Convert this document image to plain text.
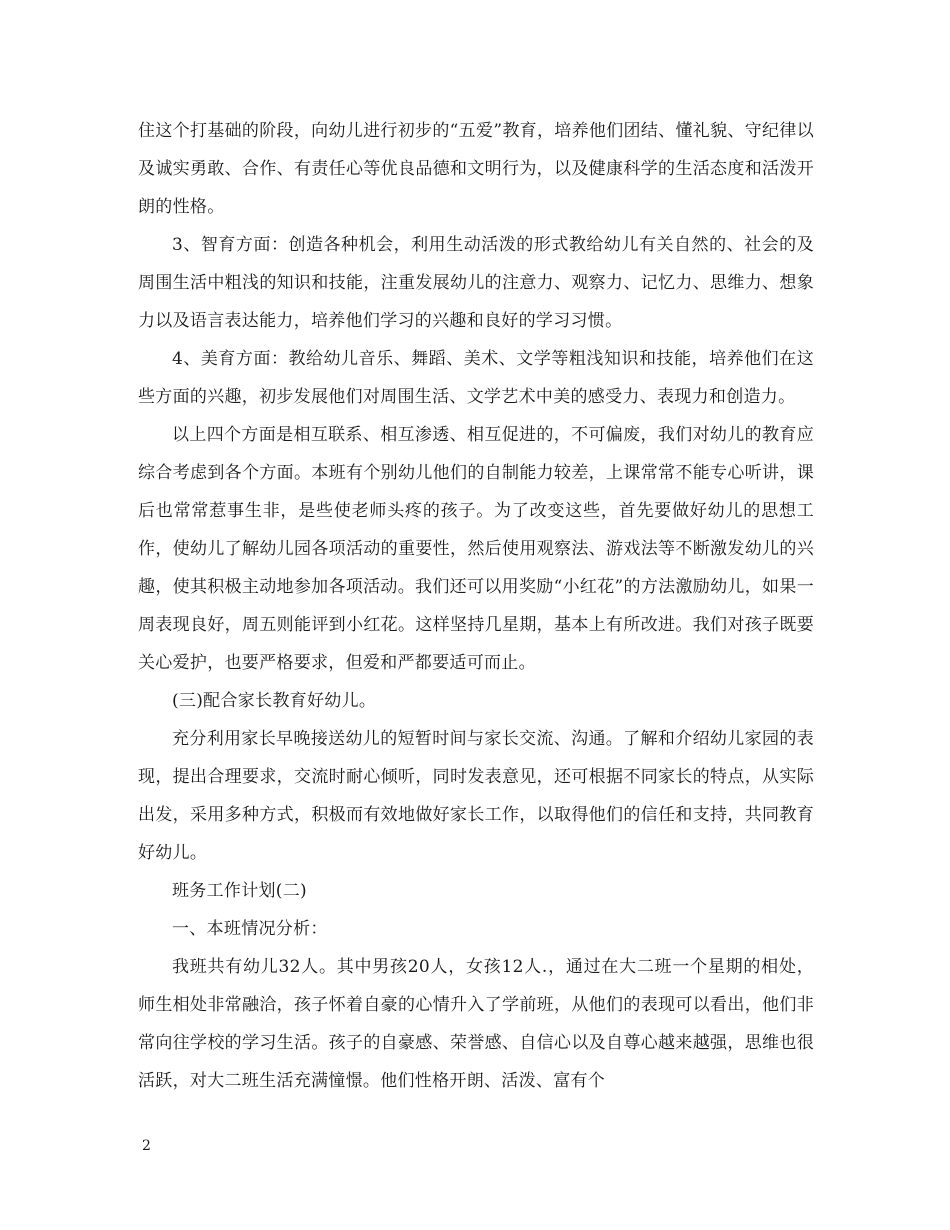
住这个打基础的阶段，向幼儿进行初步的“五爱”教育，培养他们团结、懂礼貌、守纪律以及诚实勇敢、合作、有责任心等优良品德和文明行为，以及健康科学的生活态度和活泼开朗的性格。

3、智育方面：创造各种机会，利用生动活泼的形式教给幼儿有关自然的、社会的及周围生活中粗浅的知识和技能，注重发展幼儿的注意力、观察力、记忆力、思维力、想象力以及语言表达能力，培养他们学习的兴趣和良好的学习习惯。

4、美育方面：教给幼儿音乐、舞蹈、美术、文学等粗浅知识和技能，培养他们在这些方面的兴趣，初步发展他们对周围生活、文学艺术中美的感受力、表现力和创造力。

以上四个方面是相互联系、相互渗透、相互促进的，不可偏废，我们对幼儿的教育应综合考虑到各个方面。本班有个别幼儿他们的自制能力较差，上课常常不能专心听讲，课后也常常惹事生非，是些使老师头疼的孩子。为了改变这些，首先要做好幼儿的思想工作，使幼儿了解幼儿园各项活动的重要性，然后使用观察法、游戏法等不断激发幼儿的兴趣，使其积极主动地参加各项活动。我们还可以用奖励“小红花”的方法激励幼儿，如果一周表现良好，周五则能评到小红花。这样坚持几星期，基本上有所改进。我们对孩子既要关心爱护，也要严格要求，但爱和严都要适可而止。

(三)配合家长教育好幼儿。

充分利用家长早晚接送幼儿的短暂时间与家长交流、沟通。了解和介绍幼儿家园的表现，提出合理要求，交流时耐心倾听，同时发表意见，还可根据不同家长的特点，从实际出发，采用多种方式，积极而有效地做好家长工作，以取得他们的信任和支持，共同教育好幼儿。

班务工作计划(二)

一、本班情况分析：

我班共有幼儿32人。其中男孩20人，女孩12人.，通过在大二班一个星期的相处，师生相处非常融洽，孩子怀着自豪的心情升入了学前班，从他们的表现可以看出，他们非常向往学校的学习生活。孩子的自豪感、荣誉感、自信心以及自尊心越来越强，思维也很活跃，对大二班生活充满憧憬。他们性格开朗、活泼、富有个

2
